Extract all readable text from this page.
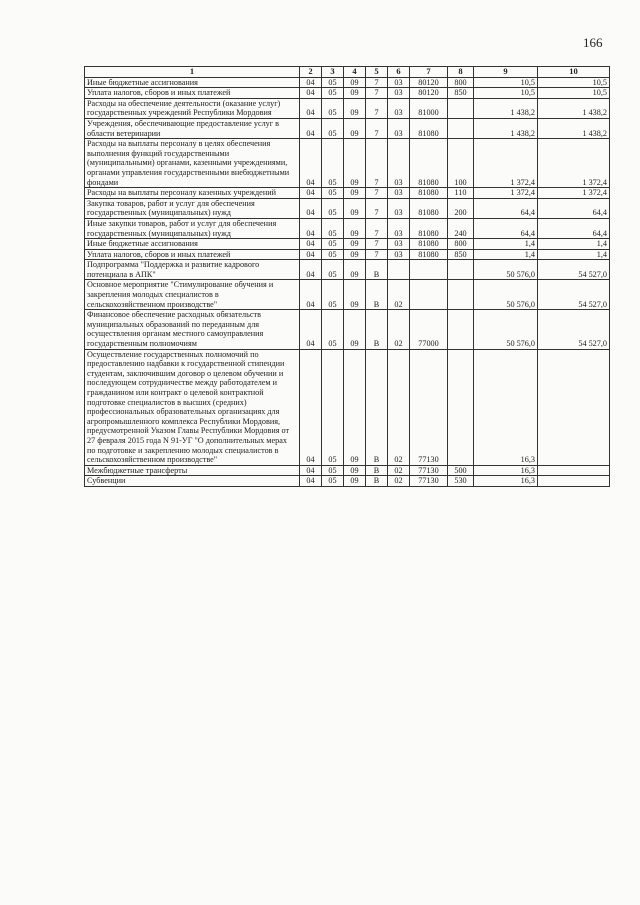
166
1	2	3	4	5	6	7	8	9	10
Иные бюджетные ассигнования	04	05	09	7	03	80120	800	10,5	10,5
Уплата налогов, сборов и иных платежей	04	05	09	7	03	80120	850	10,5	10,5
Расходы на обеспечение деятельности (оказание услуг) государственных учреждений Республики Мордовия	04	05	09	7	03	81000		1 438,2	1 438,2
Учреждения, обеспечивающие предоставление услуг в области ветеринарии	04	05	09	7	03	81080		1 438,2	1 438,2
Расходы на выплаты персоналу в целях обеспечения выполнения функций государственными (муниципальными) органами, казенными учреждениями, органами управления государственными внебюджетными фондами	04	05	09	7	03	81080	100	1 372,4	1 372,4
Расходы на выплаты персоналу казенных учреждений	04	05	09	7	03	81080	110	1 372,4	1 372,4
Закупка товаров, работ и услуг для обеспечения государственных (муниципальных) нужд	04	05	09	7	03	81080	200	64,4	64,4
Иные закупки товаров, работ и услуг для обеспечения государственных (муниципальных) нужд	04	05	09	7	03	81080	240	64,4	64,4
Иные бюджетные ассигнования	04	05	09	7	03	81080	800	1,4	1,4
Уплата налогов, сборов и иных платежей	04	05	09	7	03	81080	850	1,4	1,4
Подпрограмма "Поддержка и развитие кадрового потенциала в АПК"	04	05	09	В				50 576,0	54 527,0
Основное мероприятие "Стимулирование обучения и закрепления молодых специалистов в сельскохозяйственном производстве"	04	05	09	В	02			50 576,0	54 527,0
Финансовое обеспечение расходных обязательств муниципальных образований по переданным для осуществления органам местного самоуправления государственным полномочиям	04	05	09	В	02	77000		50 576,0	54 527,0
Осуществление государственных полномочий по предоставлению надбавки к государственной стипендии студентам, заключившим договор о целевом обучении и последующем сотрудничестве между работодателем и гражданином или контракт о целевой контрактной подготовке специалистов в высших (средних) профессиональных образовательных организациях для агропромышленного комплекса Республики Мордовия, предусмотренной Указом Главы Республики Мордовия от 27 февраля 2015 года N 91-УГ "О дополнительных мерах по подготовке и закреплению молодых специалистов в сельскохозяйственном производстве"	04	05	09	В	02	77130		16,3	
Межбюджетные трансферты	04	05	09	В	02	77130	500	16,3	
Субвенции	04	05	09	В	02	77130	530	16,3	
